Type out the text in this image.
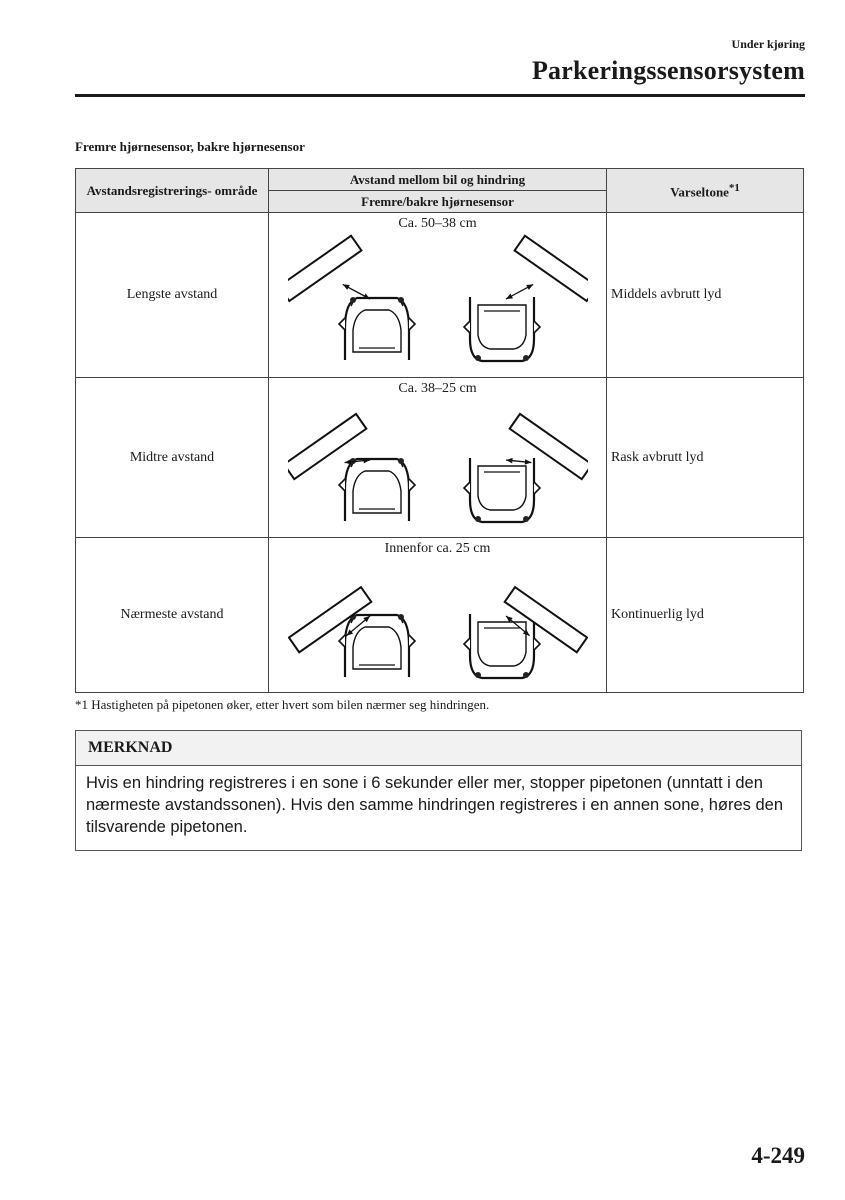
Under kjøring
Parkeringssensorsystem
Fremre hjørnesensor, bakre hjørnesensor
Avstandsregistrerings- område	Avstand mellom bil og hindring	Varseltone$^{*1}$
	Fremre/bakre hjørnesensor	
Lengste avstand	Ca. 50–38 cm	Middels avbrutt lyd
Midtre avstand	Ca. 38–25 cm	Rask avbrutt lyd
Nærmeste avstand	Innenfor ca. 25 cm	Kontinuerlig lyd
*1 Hastigheten på pipetonen øker, etter hvert som bilen nærmer seg hindringen.
MERKNAD
Hvis en hindring registreres i en sone i 6 sekunder eller mer, stopper pipetonen (unntatt i den nærmeste avstandssonen). Hvis den samme hindringen registreres i en annen sone, høres den tilsvarende pipetonen.
4-249
